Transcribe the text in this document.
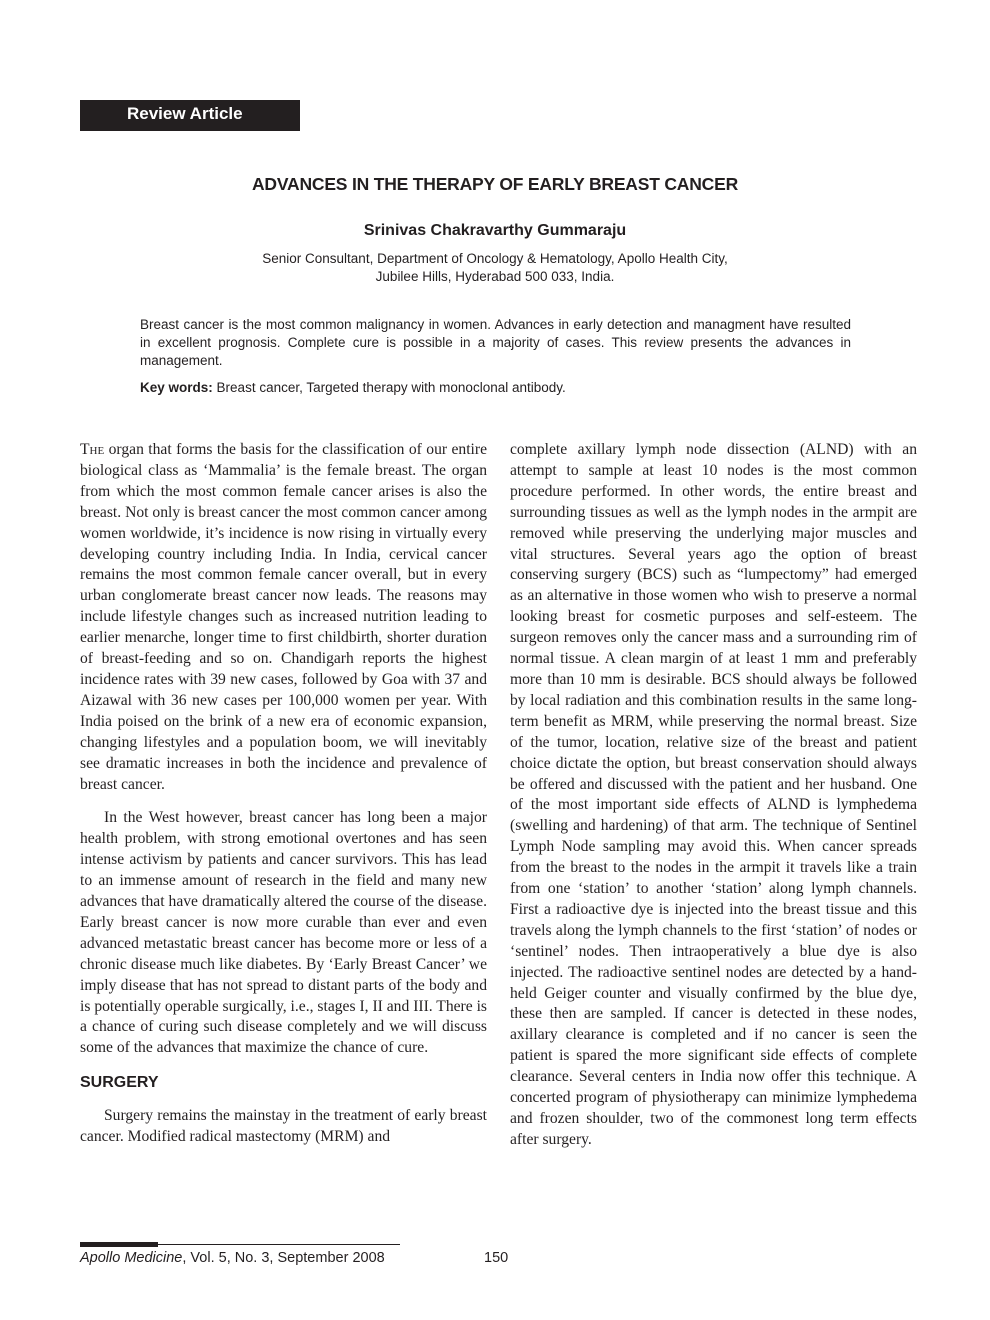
Review Article
ADVANCES IN THE THERAPY OF EARLY BREAST CANCER
Srinivas Chakravarthy Gummaraju
Senior Consultant, Department of Oncology & Hematology, Apollo Health City,
Jubilee Hills, Hyderabad 500 033, India.

Breast cancer is the most common malignancy in women. Advances in early detection and managment have resulted in excellent prognosis. Complete cure is possible in a majority of cases. This review presents the advances in management.

Key words: Breast cancer, Targeted therapy with monoclonal antibody.

The organ that forms the basis for the classification of our entire biological class as ‘Mammalia’ is the female breast. The organ from which the most common female cancer arises is also the breast. Not only is breast cancer the most common cancer among women worldwide, it’s incidence is now rising in virtually every developing country including India. In India, cervical cancer remains the most common female cancer overall, but in every urban conglomerate breast cancer now leads. The reasons may include lifestyle changes such as increased nutrition leading to earlier menarche, longer time to first childbirth, shorter duration of breast-feeding and so on. Chandigarh reports the highest incidence rates with 39 new cases, followed by Goa with 37 and Aizawal with 36 new cases per 100,000 women per year. With India poised on the brink of a new era of economic expansion, changing lifestyles and a population boom, we will inevitably see dramatic increases in both the incidence and prevalence of breast cancer.

In the West however, breast cancer has long been a major health problem, with strong emotional overtones and has seen intense activism by patients and cancer survivors. This has lead to an immense amount of research in the field and many new advances that have dramatically altered the course of the disease. Early breast cancer is now more curable than ever and even advanced metastatic breast cancer has become more or less of a chronic disease much like diabetes. By ‘Early Breast Cancer’ we imply disease that has not spread to distant parts of the body and is potentially operable surgically, i.e., stages I, II and III. There is a chance of curing such disease completely and we will discuss some of the advances that maximize the chance of cure.

SURGERY

Surgery remains the mainstay in the treatment of early breast cancer. Modified radical mastectomy (MRM) and

complete axillary lymph node dissection (ALND) with an attempt to sample at least 10 nodes is the most common procedure performed. In other words, the entire breast and surrounding tissues as well as the lymph nodes in the armpit are removed while preserving the underlying major muscles and vital structures. Several years ago the option of breast conserving surgery (BCS) such as “lumpectomy” had emerged as an alternative in those women who wish to preserve a normal looking breast for cosmetic purposes and self-esteem. The surgeon removes only the cancer mass and a surrounding rim of normal tissue. A clean margin of at least 1 mm and preferably more than 10 mm is desirable. BCS should always be followed by local radiation and this combination results in the same long-term benefit as MRM, while preserving the normal breast. Size of the tumor, location, relative size of the breast and patient choice dictate the option, but breast conservation should always be offered and discussed with the patient and her husband. One of the most important side effects of ALND is lymphedema (swelling and hardening) of that arm. The technique of Sentinel Lymph Node sampling may avoid this. When cancer spreads from the breast to the nodes in the armpit it travels like a train from one ‘station’ to another ‘station’ along lymph channels. First a radioactive dye is injected into the breast tissue and this travels along the lymph channels to the first ‘station’ of nodes or ‘sentinel’ nodes. Then intraoperatively a blue dye is also injected. The radioactive sentinel nodes are detected by a hand-held Geiger counter and visually confirmed by the blue dye, these then are sampled. If cancer is detected in these nodes, axillary clearance is completed and if no cancer is seen the patient is spared the more significant side effects of complete clearance. Several centers in India now offer this technique. A concerted program of physiotherapy can minimize lymphedema and frozen shoulder, two of the commonest long term effects after surgery.

Apollo Medicine, Vol. 5, No. 3, September 2008	150
